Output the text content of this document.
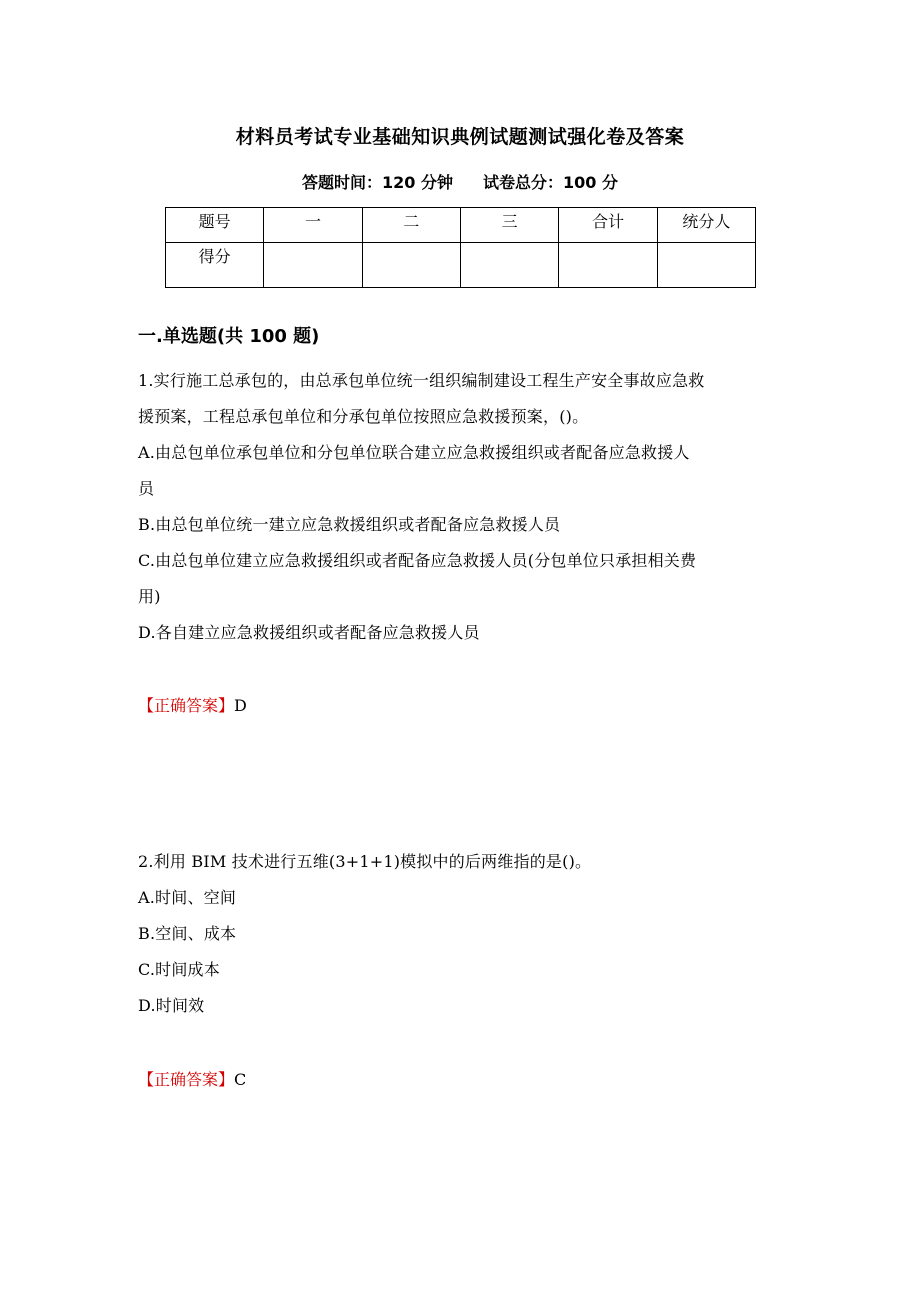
材料员考试专业基础知识典例试题测试强化卷及答案
答题时间：120 分钟 试卷总分：100 分
题号	一	二	三	合计	统分人
得分					
一.单选题(共 100 题)
1.实行施工总承包的，由总承包单位统一组织编制建设工程生产安全事故应急救
援预案，工程总承包单位和分承包单位按照应急救援预案，()。
A.由总包单位承包单位和分包单位联合建立应急救援组织或者配备应急救援人
员
B.由总包单位统一建立应急救援组织或者配备应急救援人员
C.由总包单位建立应急救援组织或者配备应急救援人员(分包单位只承担相关费
用)
D.各自建立应急救援组织或者配备应急救援人员
【正确答案】D
2.利用 BIM 技术进行五维(3+1+1)模拟中的后两维指的是()。
A.时间、空间
B.空间、成本
C.时间成本
D.时间效
【正确答案】C
